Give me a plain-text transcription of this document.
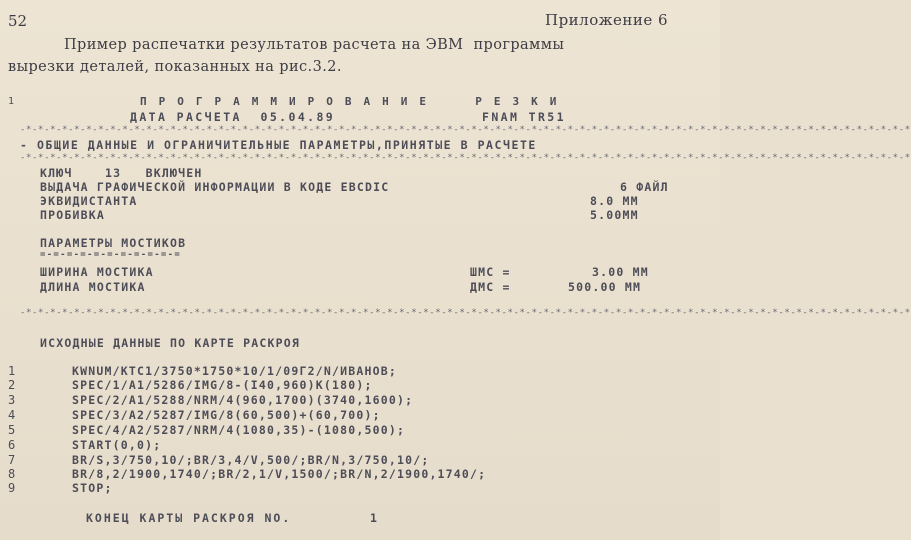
52	Приложение 6
Пример распечатки результатов расчета на ЭВМ  программы
вырезки деталей, показанных на рис.3.2.
1	ПРОГРАММИРОВАНИЕ  РЕЗКИ
ДАТА РАСЧЕТА  05.04.89	FNAM TR51
-*-*-*-*-*-*-*-*-*-*-*-*-*-*-*-*-*-*-*-*-*-*-*-*-*-*-*-*-*-*-*-*-*-*-*-*-*-*-*-*-*-*-*-*-*-*-*-*-*-*-*-*-*-*-*-*-*-*-*-*-*-*-*-*-*-*-*-*-*-*-*-*-*-*
- ОБЩИЕ ДАННЫЕ И ОГРАНИЧИТЕЛЬНЫЕ ПАРАМЕТРЫ,ПРИНЯТЫЕ В РАСЧЕТЕ
-*-*-*-*-*-*-*-*-*-*-*-*-*-*-*-*-*-*-*-*-*-*-*-*-*-*-*-*-*-*-*-*-*-*-*-*-*-*-*-*-*-*-*-*-*-*-*-*-*-*-*-*-*-*-*-*-*-*-*-*-*-*-*-*-*-*-*-*-*-*-*-*-*-*
КЛЮЧ    13   ВКЛЮЧЕН
ВЫДАЧА ГРАФИЧЕСКОЙ ИНФОРМАЦИИ В КОДЕ EBCDIC	6 ФАЙЛ
ЭКВИДИСТАНТА	8.0 ММ
ПРОБИВКА	5.00ММ
ПАРАМЕТРЫ МОСТИКОВ
=-=-=-=-=-=-=-=-=-=-=
ШИРИНА МОСТИКА	ШМС =	3.00 ММ
ДЛИНА МОСТИКА	ДМС =	500.00 ММ
-*-*-*-*-*-*-*-*-*-*-*-*-*-*-*-*-*-*-*-*-*-*-*-*-*-*-*-*-*-*-*-*-*-*-*-*-*-*-*-*-*-*-*-*-*-*-*-*-*-*-*-*-*-*-*-*-*-*-*-*-*-*-*-*-*-*-*-*-*-*-*-*-*-*
ИСХОДНЫЕ ДАННЫЕ ПО КАРТЕ РАСКРОЯ
1	KWNUM/KTC1/3750*1750*10/1/09Г2/N/ИВАНОВ;
2	SPEC/1/A1/5286/IMG/8-(I40,960)K(180);
3	SPEC/2/A1/5288/NRM/4(960,1700)(3740,1600);
4	SPEC/3/A2/5287/IMG/8(60,500)+(60,700);
5	SPEC/4/A2/5287/NRM/4(1080,35)-(1080,500);
6	START(0,0);
7	BR/S,3/750,10/;BR/3,4/V,500/;BR/N,3/750,10/;
8	BR/8,2/1900,1740/;BR/2,1/V,1500/;BR/N,2/1900,1740/;
9	STOP;
КОНЕЦ КАРТЫ РАСКРОЯ NO.	1
